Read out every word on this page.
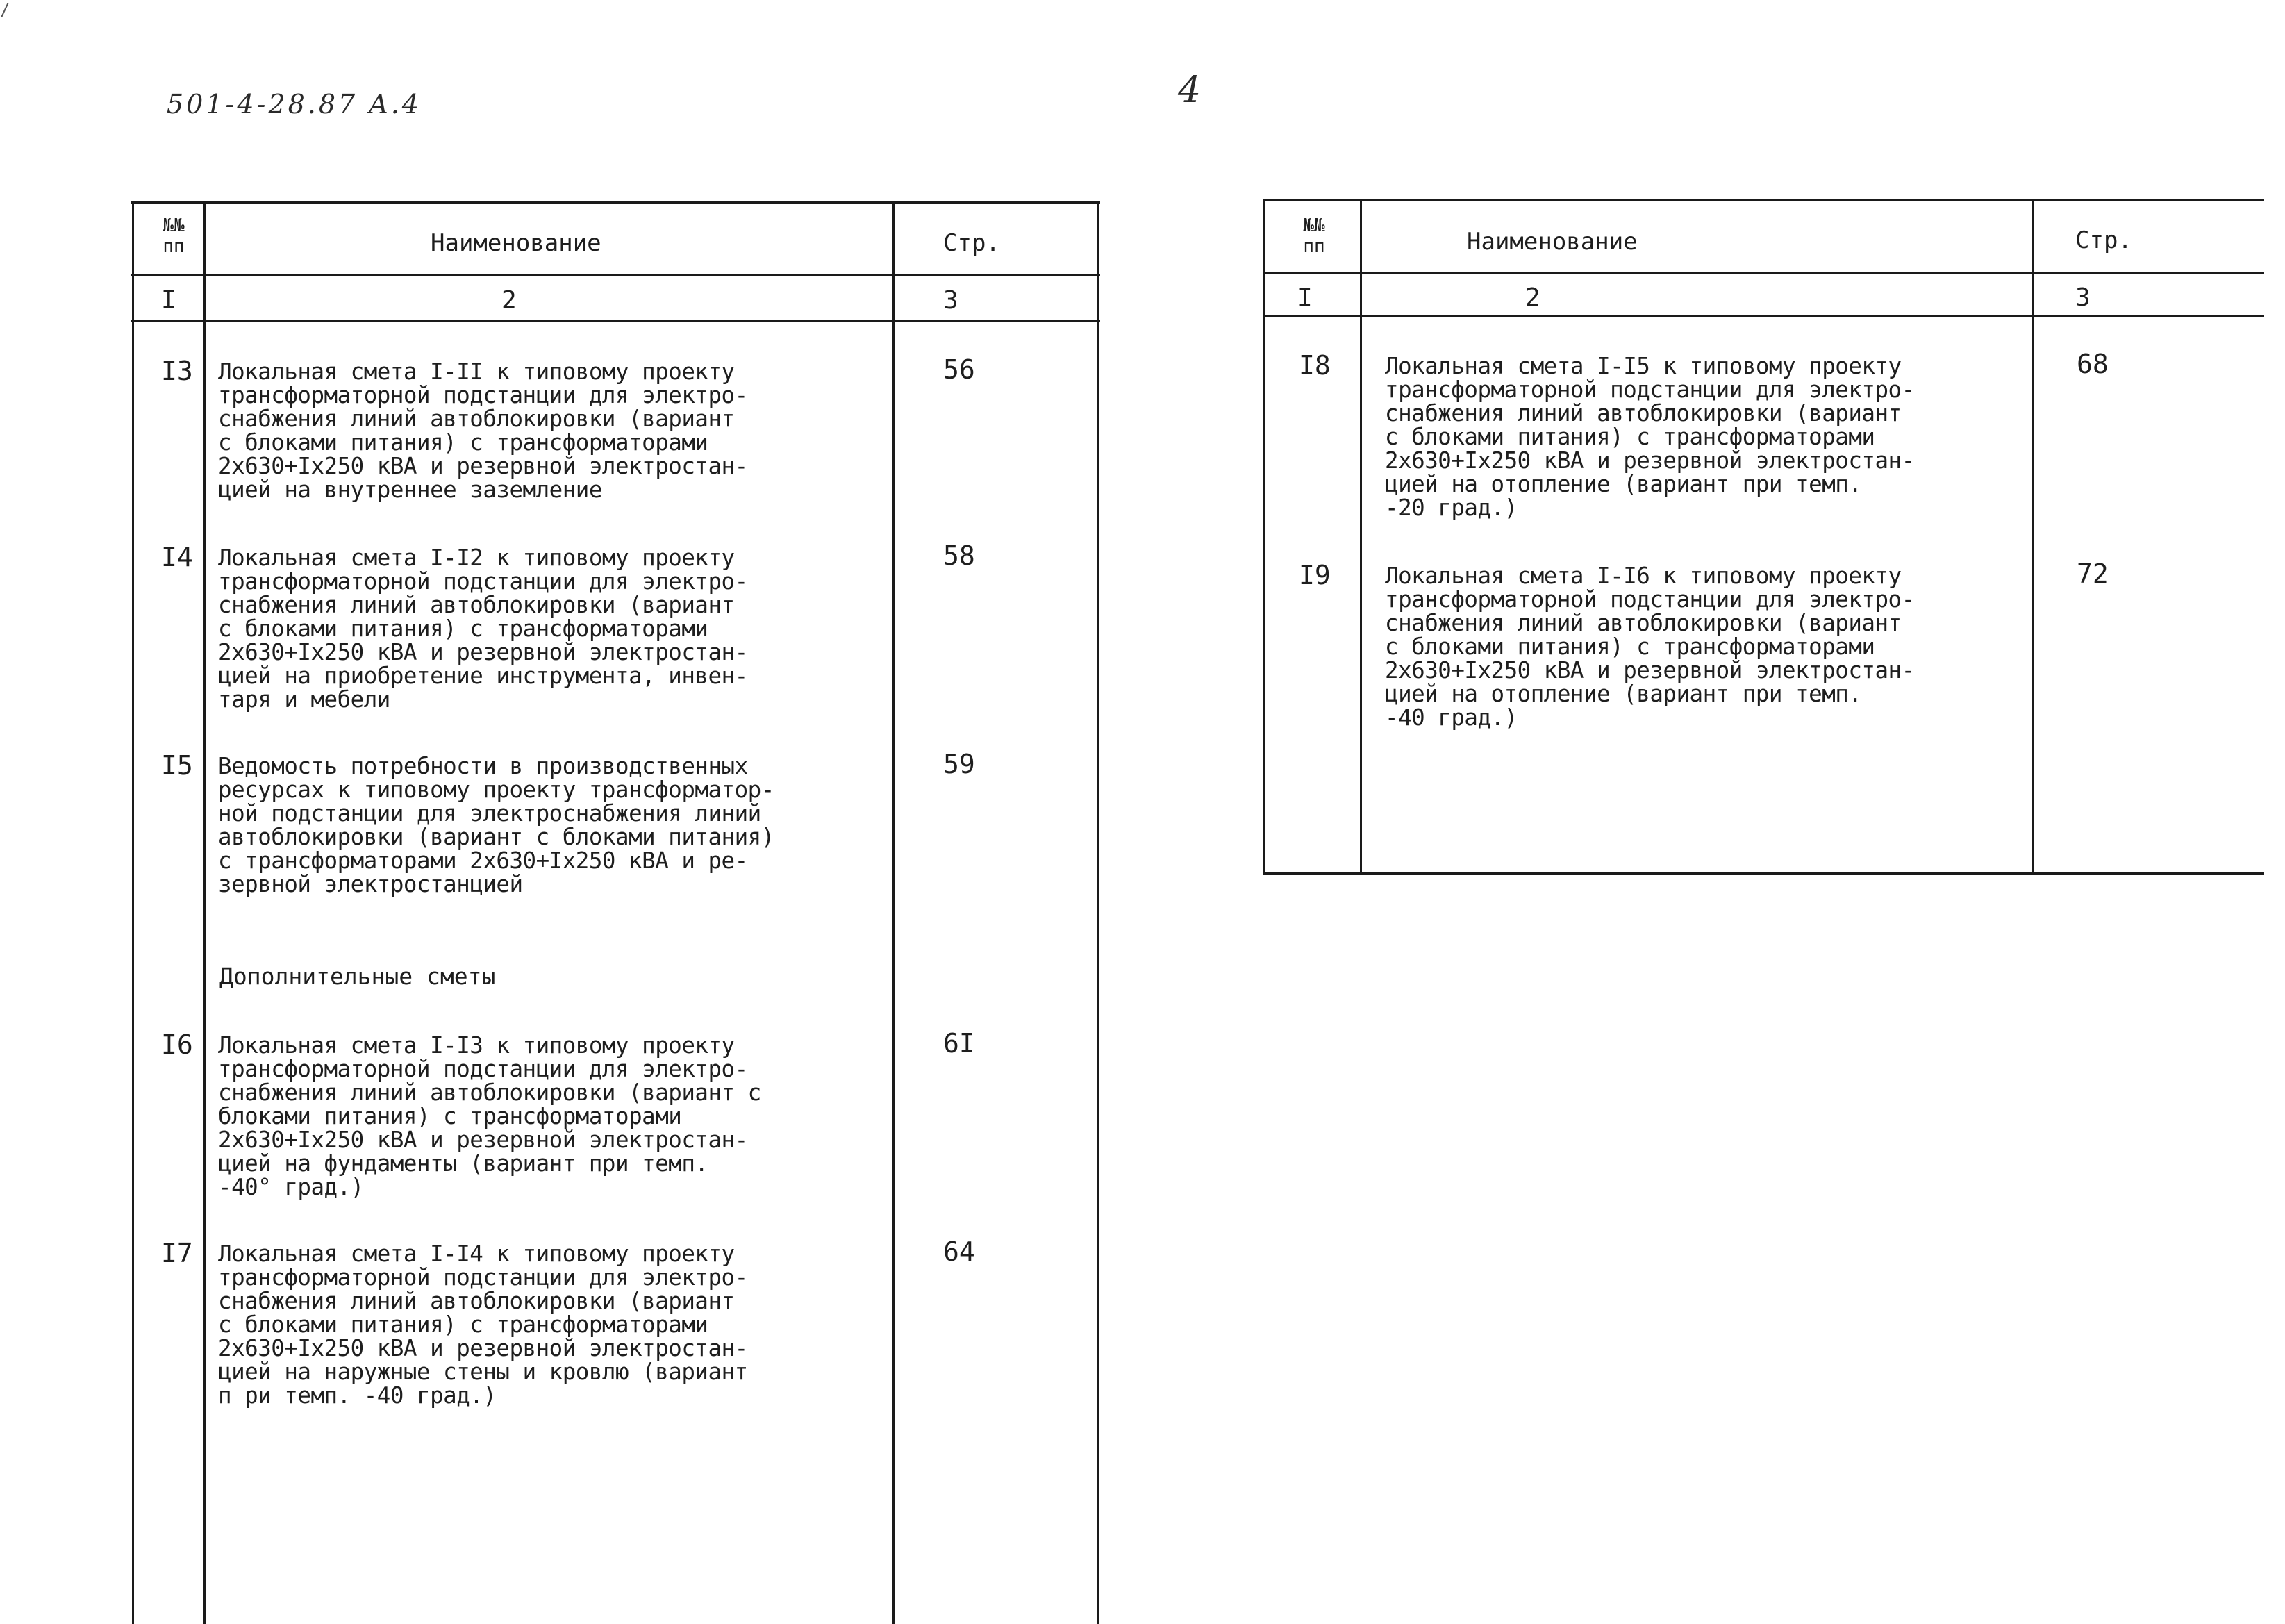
/
501-4-28.87 A.4	4
№№
пп	Наименование	Стр.
I	2	3
I3 Локальная смета I-II к типовому проекту
трансформаторной подстанции для электро-
снабжения линий автоблокировки (вариант
с блоками питания) с трансформаторами
2х630+Iх250 кВА и резервной электростан-
цией на внутреннее заземление
56
I4 Локальная смета I-I2 к типовому проекту
трансформаторной подстанции для электро-
снабжения линий автоблокировки (вариант
с блоками питания) с трансформаторами
2х630+Iх250 кВА и резервной электростан-
цией на приобретение инструмента, инвен-
таря и мебели
58
I5 Ведомость потребности в производственных
ресурсах к типовому проекту трансформатор-
ной подстанции для электроснабжения линий
автоблокировки (вариант с блоками питания)
с трансформаторами 2х630+Iх250 кВА и ре-
зервной электростанцией
59
Дополнительные сметы
I6 Локальная смета I-I3 к типовому проекту
трансформаторной подстанции для электро-
снабжения линий автоблокировки (вариант с
блоками питания) с трансформаторами
2х630+Iх250 кВА и резервной электростан-
цией на фундаменты (вариант при темп.
-40° град.)
6I
I7 Локальная смета I-I4 к типовому проекту
трансформаторной подстанции для электро-
снабжения линий автоблокировки (вариант
с блоками питания) с трансформаторами
2х630+Iх250 кВА и резервной электростан-
цией на наружные стены и кровлю (вариант
п ри темп. -40 град.)
64
№№
пп	Наименование	Стр.
I	2	3
I8 Локальная смета I-I5 к типовому проекту
трансформаторной подстанции для электро-
снабжения линий автоблокировки (вариант
с блоками питания) с трансформаторами
2х630+Iх250 кВА и резервной электростан-
цией на отопление (вариант при темп.
-20 град.)
68
I9 Локальная смета I-I6 к типовому проекту
трансформаторной подстанции для электро-
снабжения линий автоблокировки (вариант
с блоками питания) с трансформаторами
2х630+Iх250 кВА и резервной электростан-
цией на отопление (вариант при темп.
-40 град.)
72
